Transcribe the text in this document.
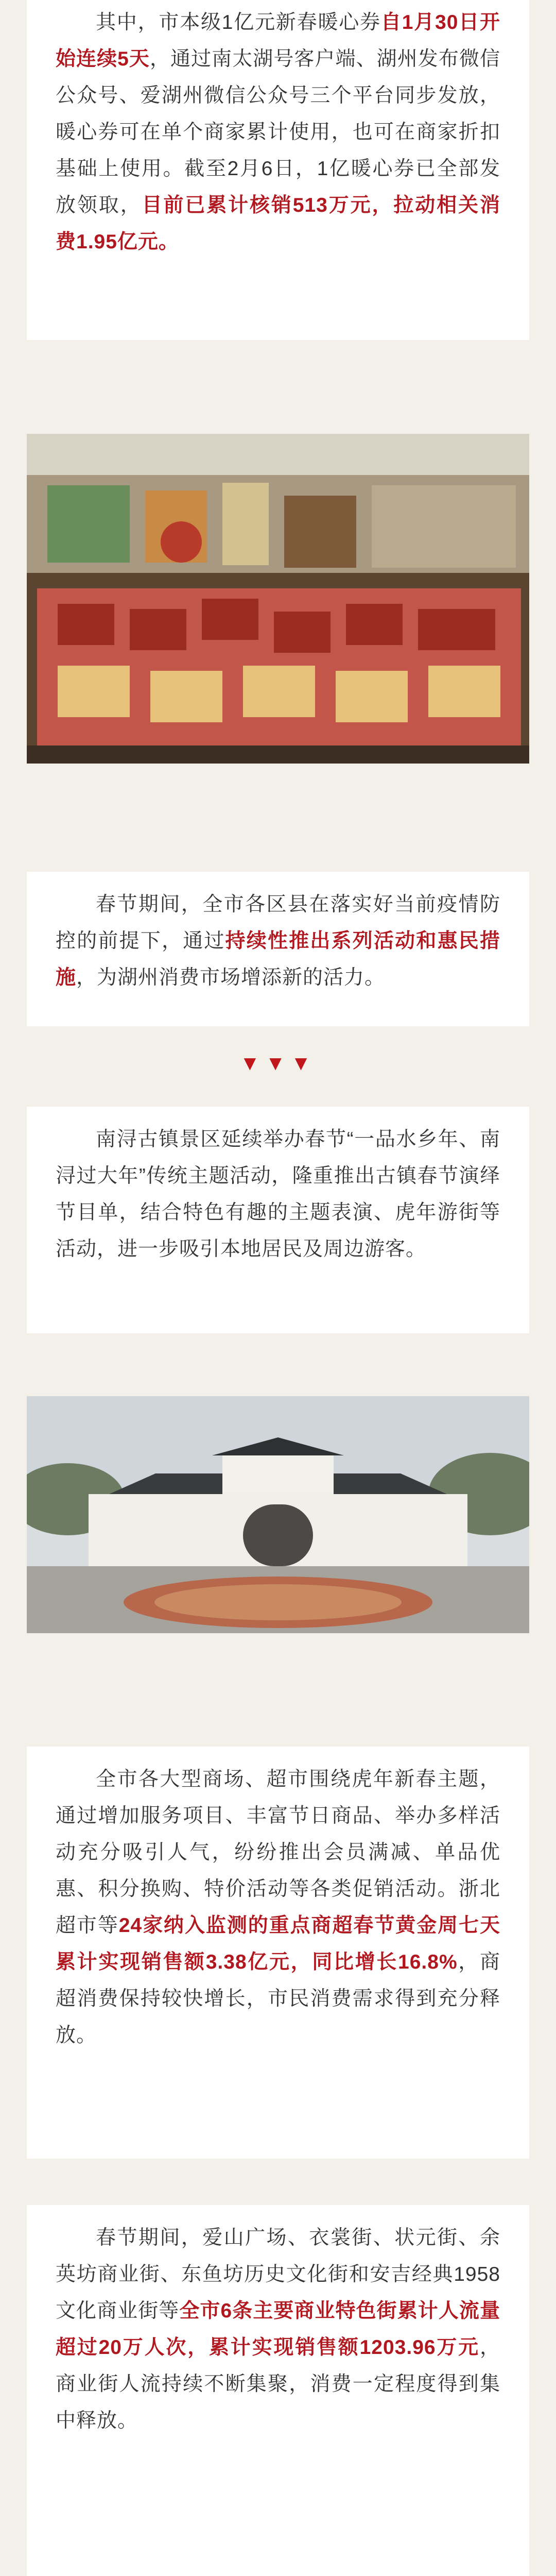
其中，市本级1亿元新春暖心券自1月30日开始连续5天，通过南太湖号客户端、湖州发布微信公众号、爱湖州微信公众号三个平台同步发放，暖心券可在单个商家累计使用，也可在商家折扣基础上使用。截至2月6日，1亿暖心券已全部发放领取，目前已累计核销513万元，拉动相关消费1.95亿元。

春节期间，全市各区县在落实好当前疫情防控的前提下，通过持续性推出系列活动和惠民措施，为湖州消费市场增添新的活力。

▼▼▼

南浔古镇景区延续举办春节“一品水乡年、南浔过大年”传统主题活动，隆重推出古镇春节演绎节目单，结合特色有趣的主题表演、虎年游街等活动，进一步吸引本地居民及周边游客。

全市各大型商场、超市围绕虎年新春主题，通过增加服务项目、丰富节日商品、举办多样活动充分吸引人气，纷纷推出会员满减、单品优惠、积分换购、特价活动等各类促销活动。浙北超市等24家纳入监测的重点商超春节黄金周七天累计实现销售额3.38亿元，同比增长16.8%，商超消费保持较快增长，市民消费需求得到充分释放。

春节期间，爱山广场、衣裳街、状元街、余英坊商业街、东鱼坊历史文化街和安吉经典1958文化商业街等全市6条主要商业特色街累计人流量超过20万人次，累计实现销售额1203.96万元，商业街人流持续不断集聚，消费一定程度得到集中释放。
